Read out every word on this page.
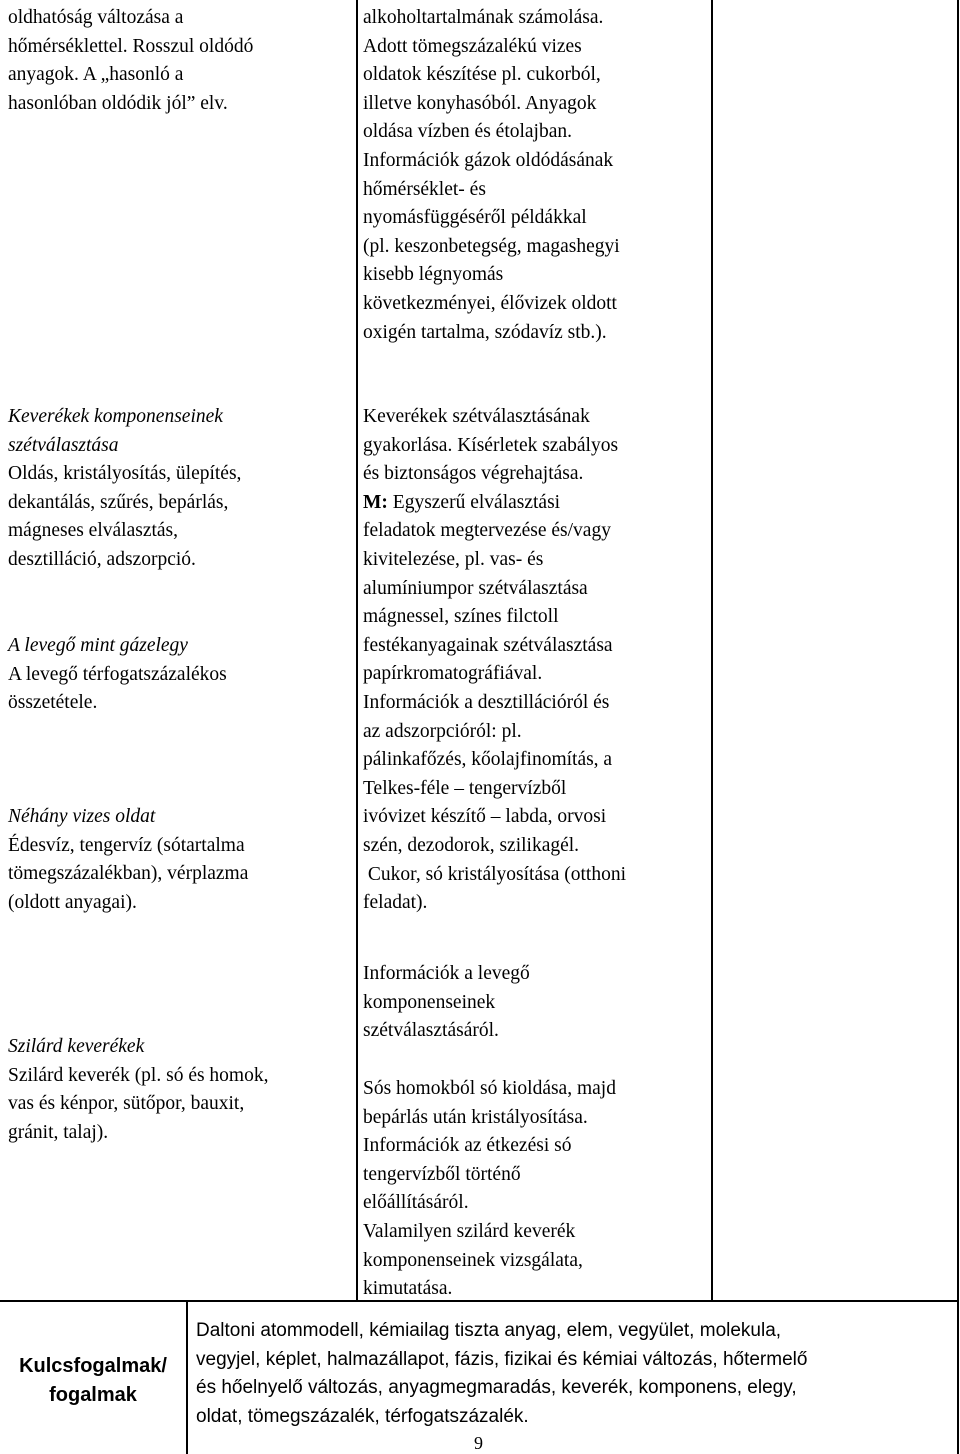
oldhatóság változása a

hőmérséklettel. Rosszul oldódó

anyagok. A „hasonló a

hasonlóban oldódik jól” elv.

Keverékek komponenseinek

szétválasztása

Oldás, kristályosítás, ülepítés,

dekantálás, szűrés, bepárlás,

mágneses elválasztás,

desztilláció, adszorpció.

A levegő mint gázelegy

A levegő térfogatszázalékos

összetétele.

Néhány vizes oldat

Édesvíz, tengervíz (sótartalma

tömegszázalékban), vérplazma

(oldott anyagai).

Szilárd keverékek

Szilárd keverék (pl. só és homok,

vas és kénpor, sütőpor, bauxit,

gránit, talaj).

alkoholtartalmának számolása.

Adott tömegszázalékú vizes

oldatok készítése pl. cukorból,

illetve konyhasóból. Anyagok

oldása vízben és étolajban.

Információk gázok oldódásának

hőmérséklet- és

nyomásfüggéséről példákkal

(pl. keszonbetegség, magashegyi

kisebb légnyomás

következményei, élővizek oldott

oxigén tartalma, szódavíz stb.).

Keverékek szétválasztásának

gyakorlása. Kísérletek szabályos

és biztonságos végrehajtása.

M: Egyszerű elválasztási

feladatok megtervezése és/vagy

kivitelezése, pl. vas- és

alumíniumpor szétválasztása

mágnessel, színes filctoll

festékanyagainak szétválasztása

papírkromatográfiával.

Információk a desztillációról és

az adszorpcióról: pl.

pálinkafőzés, kőolajfinomítás, a

Telkes-féle – tengervízből

ivóvizet készítő – labda, orvosi

szén, dezodorok, szilikagél.

Cukor, só kristályosítása (otthoni

feladat).

Információk a levegő

komponenseinek

szétválasztásáról.

Sós homokból só kioldása, majd

bepárlás után kristályosítása.

Információk az étkezési só

tengervízből történő

előállításáról.

Valamilyen szilárd keverék

komponenseinek vizsgálata,

kimutatása.

Kulcsfogalmak/
fogalmak

Daltoni atommodell, kémiailag tiszta anyag, elem, vegyület, molekula,

vegyjel, képlet, halmazállapot, fázis, fizikai és kémiai változás, hőtermelő

és hőelnyelő változás, anyagmegmaradás, keverék, komponens, elegy,

oldat, tömegszázalék, térfogatszázalék.

9
